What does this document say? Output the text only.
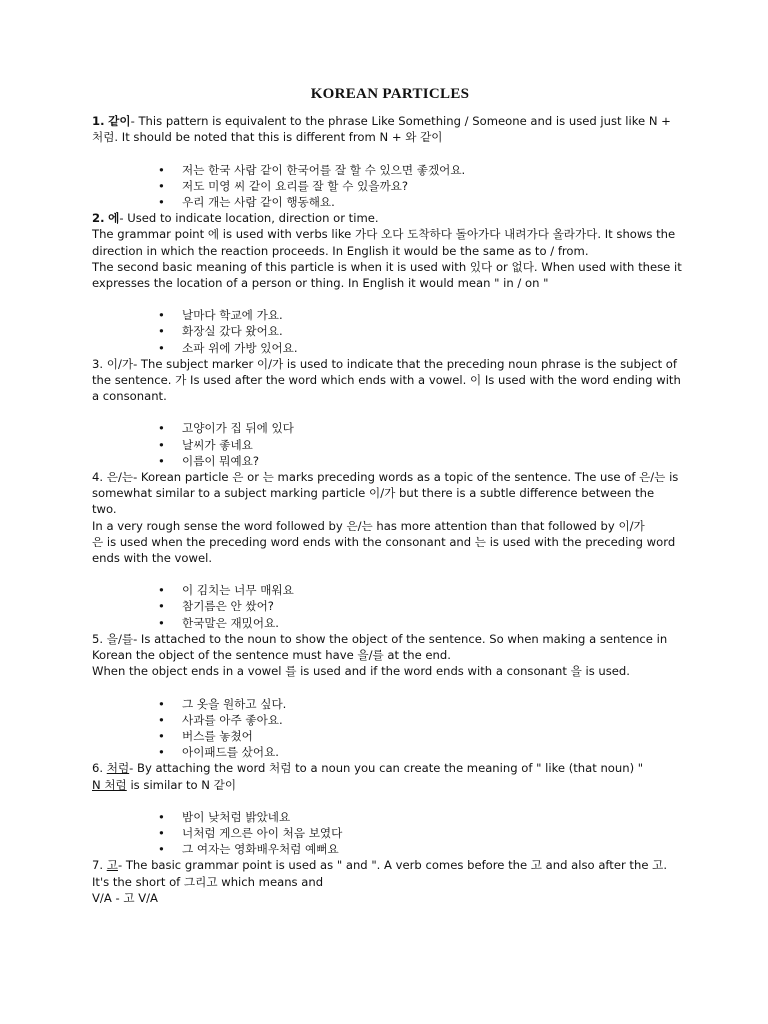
KOREAN PARTICLES

1. 같이- This pattern is equivalent to the phrase Like Something / Someone and is used just like N + 처럼. It should be noted that this is different from N + 와 같이

• 저는 한국 사람 같이 한국어를 잘 할 수 있으면 좋겠어요.
• 저도 미영 씨 같이 요리를 잘 할 수 있을까요?
• 우리 개는 사람 같이 행동해요.

2. 에- Used to indicate location, direction or time.

The grammar point 에 is used with verbs like 가다 오다 도착하다 돌아가다 내려가다 올라가다. It shows the direction in which the reaction proceeds. In English it would be the same as to / from.

The second basic meaning of this particle is when it is used with 있다 or 없다. When used with these it expresses the location of a person or thing. In English it would mean " in / on "

• 날마다 학교에 가요.
• 화장실 갔다 왔어요.
• 소파 위에 가방 있어요.

3. 이/가- The subject marker 이/가 is used to indicate that the preceding noun phrase is the subject of the sentence. 가 Is used after the word which ends with a vowel. 이 Is used with the word ending with a consonant.

• 고양이가 집 뒤에 있다
• 날씨가 좋네요
• 이름이 뭐예요?

4. 은/는- Korean particle 은 or 는 marks preceding words as a topic of the sentence. The use of 은/는 is somewhat similar to a subject marking particle 이/가 but there is a subtle difference between the two.

In a very rough sense the word followed by 은/는 has more attention than that followed by 이/가

은 is used when the preceding word ends with the consonant and 는 is used with the preceding word ends with the vowel.

• 이 김치는 너무 매워요
• 참기름은 안 쌌어?
• 한국말은 재밌어요.

5. 을/를- Is attached to the noun to show the object of the sentence. So when making a sentence in Korean the object of the sentence must have 을/를 at the end.

When the object ends in a vowel 를 is used and if the word ends with a consonant 을 is used.

• 그 옷을 원하고 싶다.
• 사과를 아주 좋아요.
• 버스를 놓쳤어
• 아이패드를 샀어요.

6. 처럼- By attaching the word 처럼 to a noun you can create the meaning of " like (that noun) "

N 처럼 is similar to N 같이

• 밤이 낮처럼 밝았네요
• 너처럼 게으른 아이 처음 보였다
• 그 여자는 영화배우처럼 예뻐요

7. 고- The basic grammar point is used as " and ". A verb comes before the 고 and also after the 고. It's the short of 그리고 which means and

V/A - 고 V/A
